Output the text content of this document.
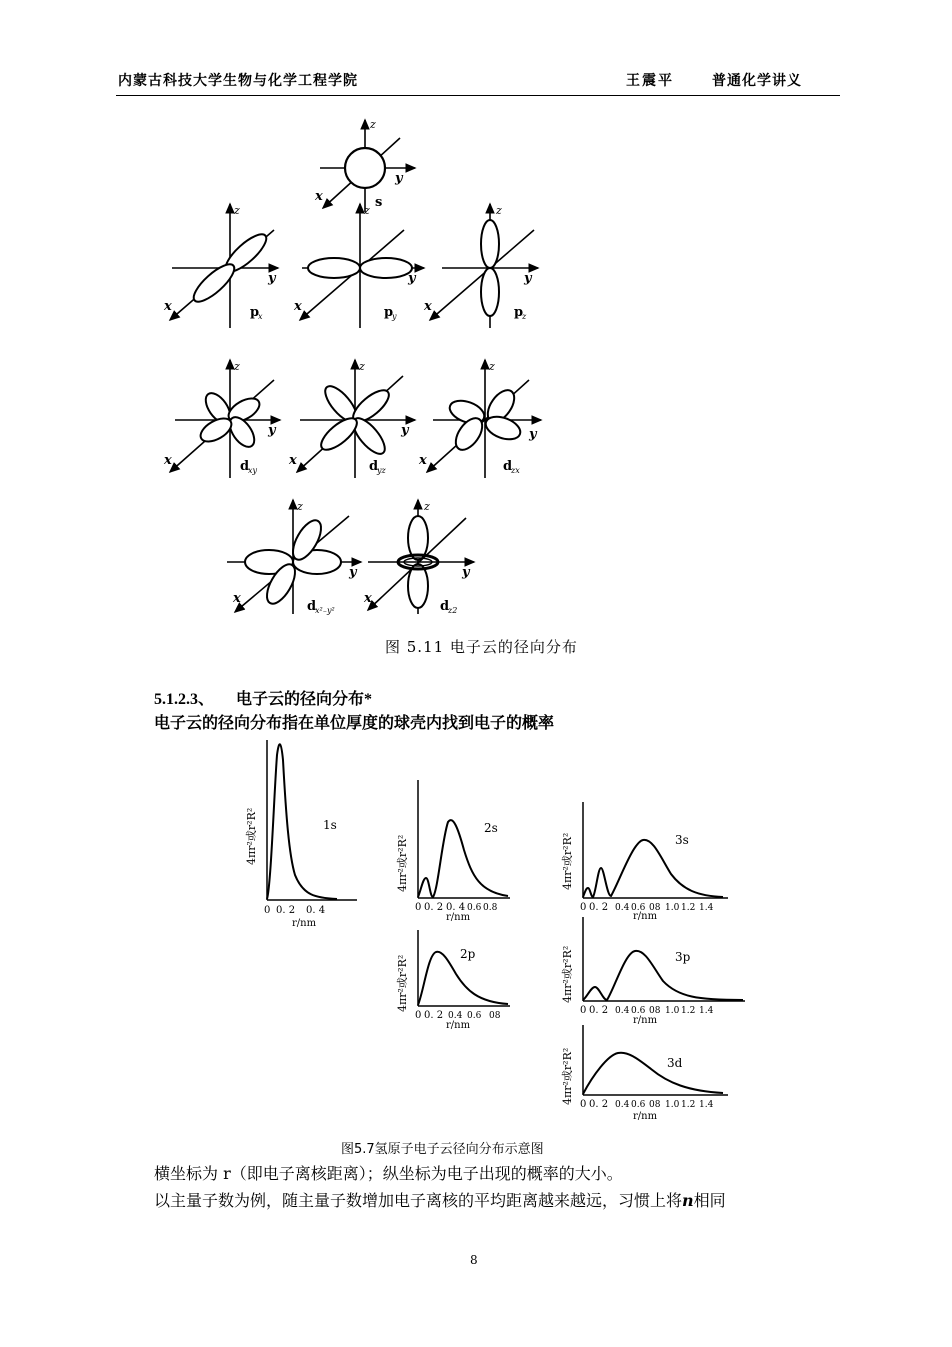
内蒙古科技大学生物与化学工程学院	王震平	普通化学讲义
z
y
x	s
z
y
x	p
x
z
y
x	p
y
z
y
x	p
z
z
y
x	d
xy
z
y
x	d
yz
z
y
x	d
zx
z
y
x
d
x²₋y²
z
y
x
d
z2
图 5.11 电子云的径向分布
5.1.2.3、 电子云的径向分布*
电子云的径向分布指在单位厚度的球壳内找到电子的概率
1s
4πr²或r²R²
0 0. 2 0. 4
r/nm
2s
4πr²或r²R²
0 0. 2 0. 4 0.6 0.8
r/nm
2p
4πr²或r²R²
0 0. 2 0.4 0.6 08
r/nm
3s
4πr²或r²R²
0 0. 2 0.4 0.6 08 1.0 1.2 1.4
r/nm
3p
4πr²或r²R²
0 0. 2 0.4 0.6 08 1.0 1.2 1.4
r/nm
3d
4πr²或r²R² 0 0. 2 0.4 0.6 08 1.0 1.2 1.4
r/nm
图5.7氢原子电子云径向分布示意图
横坐标为 r（即电子离核距离）；纵坐标为电子出现的概率的大小。
以主量子数为例，随主量子数增加电子离核的平均距离越来越远，习惯上将n相同
8
